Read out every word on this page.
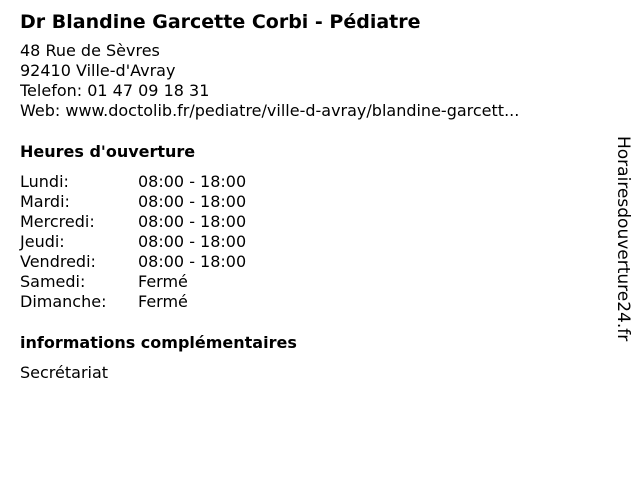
Dr Blandine Garcette Corbi - Pédiatre
48 Rue de Sèvres
92410 Ville-d'Avray
Telefon: 01 47 09 18 31
Web: www.doctolib.fr/pediatre/ville-d-avray/blandine-garcett...
Heures d'ouverture
Lundi:	08:00 - 18:00
Mardi:	08:00 - 18:00
Mercredi:	08:00 - 18:00
Jeudi:	08:00 - 18:00
Vendredi:	08:00 - 18:00
Samedi:	Fermé
Dimanche:	Fermé
informations complémentaires
Secrétariat
Horairesdouverture24.fr
